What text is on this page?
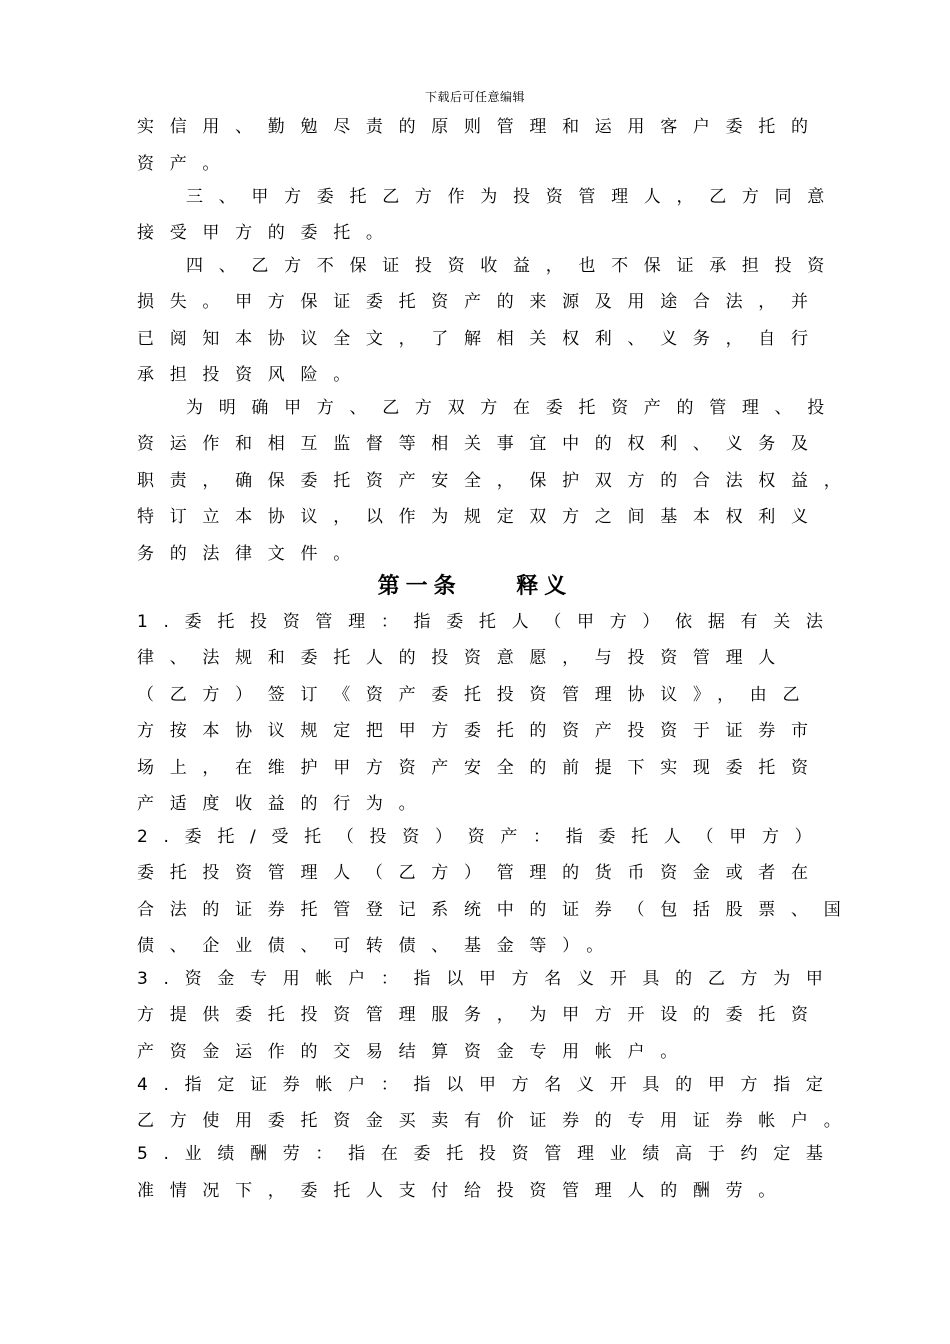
下载后可任意编辑
实信用、勤勉尽责的原则管理和运用客户委托的
资产。
三、甲方委托乙方作为投资管理人，乙方同意
接受甲方的委托。
四、乙方不保证投资收益，也不保证承担投资
损失。甲方保证委托资产的来源及用途合法，并
已阅知本协议全文，了解相关权利、义务，自行
承担投资风险。
为明确甲方、乙方双方在委托资产的管理、投
资运作和相互监督等相关事宜中的权利、义务及
职责，确保委托资产安全，保护双方的合法权益，
特订立本协议，以作为规定双方之间基本权利义
务的法律文件。
第一条    释义
1.委托投资管理：指委托人（甲方）依据有关法
律、法规和委托人的投资意愿，与投资管理人
（乙方）签订《资产委托投资管理协议》，由乙
方按本协议规定把甲方委托的资产投资于证券市
场上，在维护甲方资产安全的前提下实现委托资
产适度收益的行为。
2.委托/受托（投资）资产：指委托人（甲方）
委托投资管理人（乙方）管理的货币资金或者在
合法的证券托管登记系统中的证券（包括股票、国
债、企业债、可转债、基金等）。
3.资金专用帐户：指以甲方名义开具的乙方为甲
方提供委托投资管理服务，为甲方开设的委托资
产资金运作的交易结算资金专用帐户。
4.指定证券帐户：指以甲方名义开具的甲方指定
乙方使用委托资金买卖有价证券的专用证券帐户。
5.业绩酬劳：指在委托投资管理业绩高于约定基
准情况下，委托人支付给投资管理人的酬劳。
